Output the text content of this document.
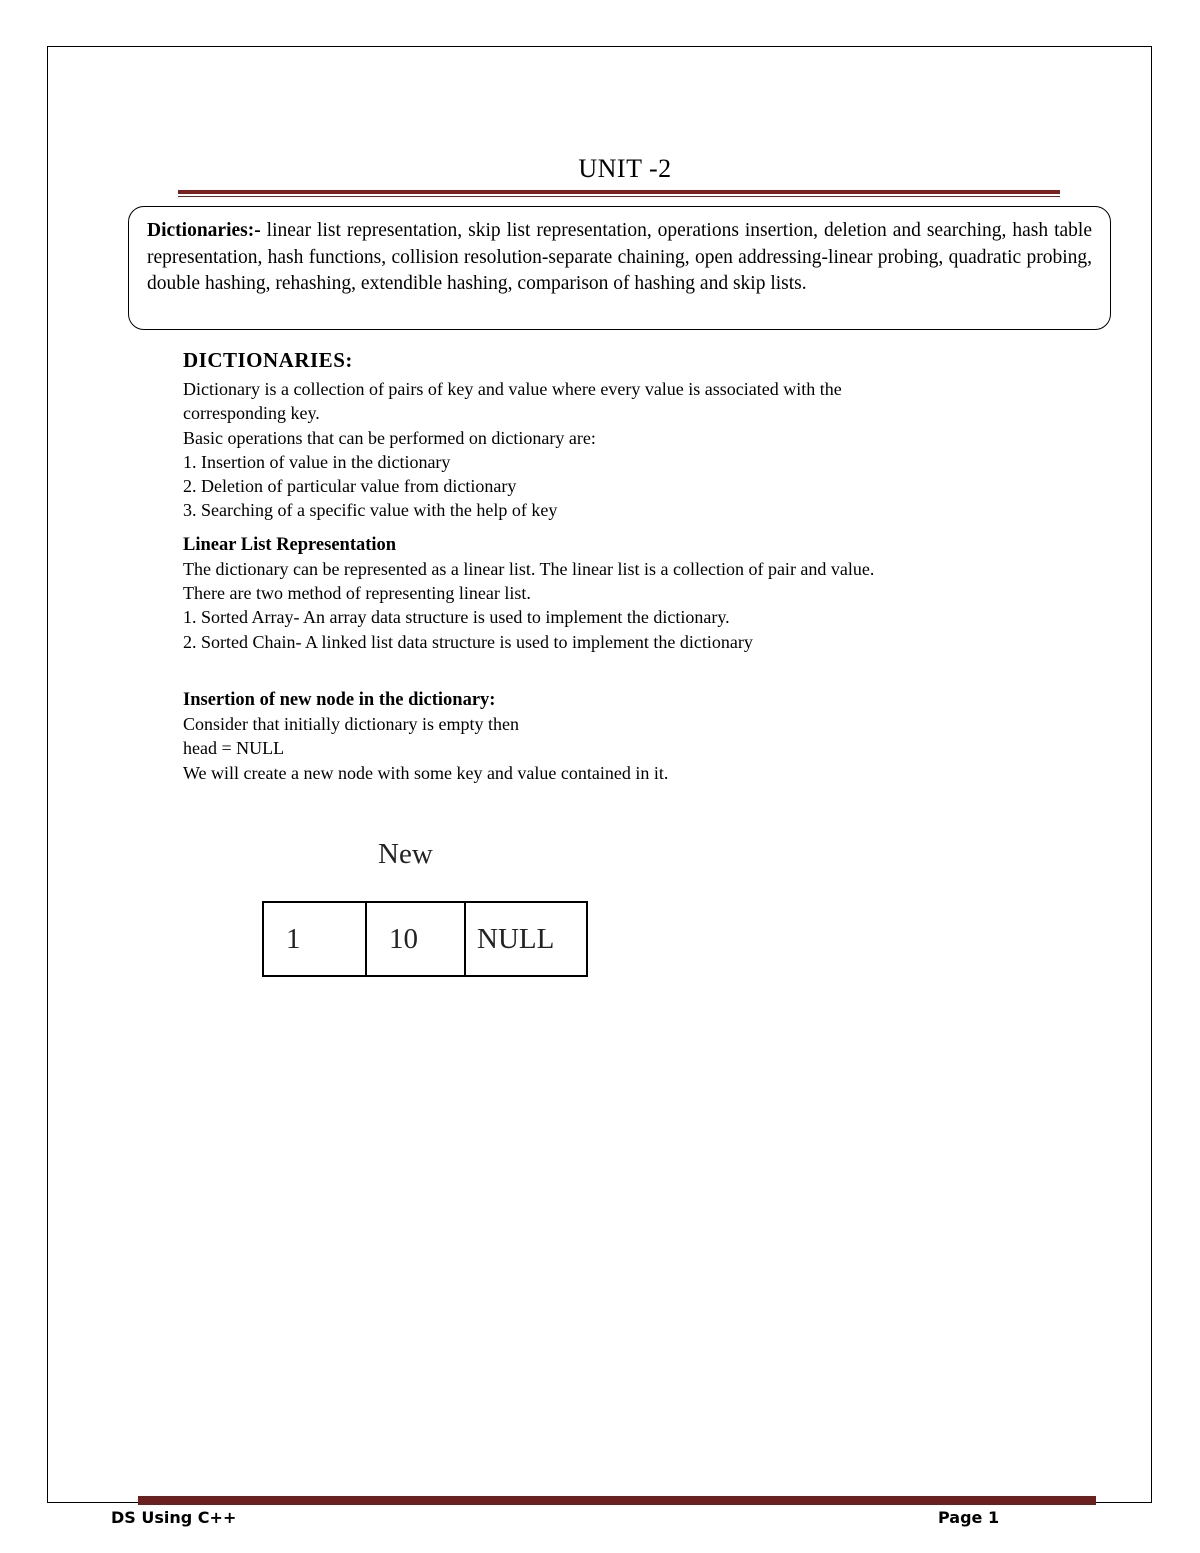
UNIT -2
Dictionaries:- linear list representation, skip list representation, operations insertion, deletion and searching, hash table representation, hash functions, collision resolution-separate chaining, open addressing-linear probing, quadratic probing, double hashing, rehashing, extendible hashing, comparison of hashing and skip lists.

DICTIONARIES:

Dictionary is a collection of pairs of key and value where every value is associated with the

corresponding key.

Basic operations that can be performed on dictionary are:

1. Insertion of value in the dictionary

2. Deletion of particular value from dictionary

3. Searching of a specific value with the help of key

Linear List Representation

The dictionary can be represented as a linear list. The linear list is a collection of pair and value.

There are two method of representing linear list.

1. Sorted Array- An array data structure is used to implement the dictionary.

2. Sorted Chain- A linked list data structure is used to implement the dictionary

Insertion of new node in the dictionary:

Consider that initially dictionary is empty then

head = NULL

We will create a new node with some key and value contained in it.

New
1	10	NULL
DS Using C++	Page 1
